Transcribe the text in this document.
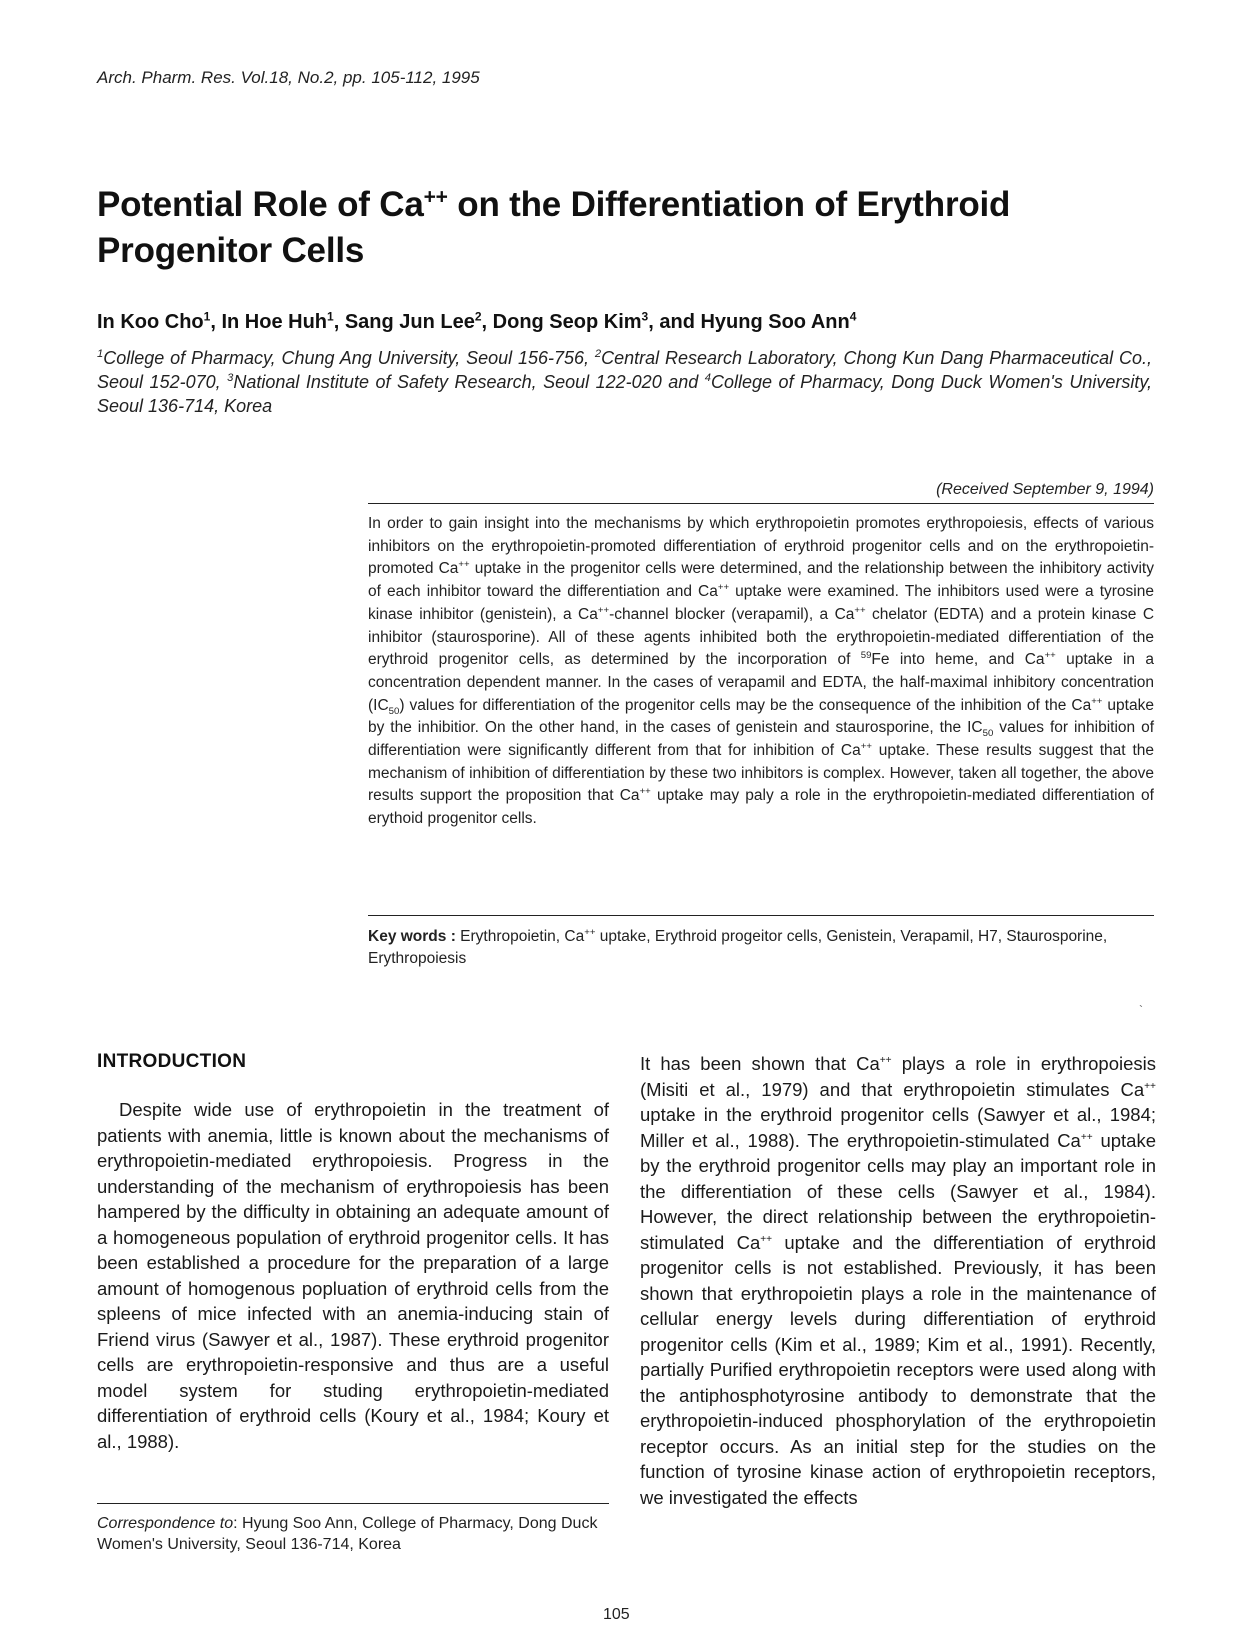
Arch. Pharm. Res. Vol.18, No.2, pp. 105-112, 1995
Potential Role of Ca++ on the Differentiation of Erythroid Progenitor Cells
In Koo Cho$^1$, In Hoe Huh$^1$, Sang Jun Lee$^2$, Dong Seop Kim$^3$, and Hyung Soo Ann$^4$
$^1$College of Pharmacy, Chung Ang University, Seoul 156-756, $^2$Central Research Laboratory, Chong Kun Dang Pharmaceutical Co., Seoul 152-070, $^3$National Institute of Safety Research, Seoul 122-020 and $^4$College of Pharmacy, Dong Duck Women's University, Seoul 136-714, Korea
(Received September 9, 1994)
In order to gain insight into the mechanisms by which erythropoietin promotes erythropoiesis, effects of various inhibitors on the erythropoietin-promoted differentiation of erythroid progenitor cells and on the erythropoietin-promoted Ca++ uptake in the progenitor cells were determined, and the relationship between the inhibitory activity of each inhibitor toward the differentiation and Ca++ uptake were examined. The inhibitors used were a tyrosine kinase inhibitor (genistein), a Ca++-channel blocker (verapamil), a Ca++ chelator (EDTA) and a protein kinase C inhibitor (staurosporine). All of these agents inhibited both the erythropoietin-mediated differentiation of the erythroid progenitor cells, as determined by the incorporation of $^{59}$Fe into heme, and Ca++ uptake in a concentration dependent manner. In the cases of verapamil and EDTA, the half-maximal inhibitory concentration $(IC_{50})$ values for differentiation of the progenitor cells may be the consequence of the inhibition of the Ca++ uptake by the inhibitior. On the other hand, in the cases of genistein and staurosporine, the $IC_{50}$ values for inhibition of differentiation were significantly different from that for inhibition of Ca++ uptake. These results suggest that the mechanism of inhibition of differentiation by these two inhibitors is complex. However, taken all together, the above results support the proposition that Ca++ uptake may paly a role in the erythropoietin-mediated differentiation of erythoid progenitor cells.
Key words : Erythropoietin, Ca++ uptake, Erythroid progeitor cells, Genistein, Verapamil, H7, Staurosporine, Erythropoiesis
`
INTRODUCTION
Despite wide use of erythropoietin in the treatment of patients with anemia, little is known about the mechanisms of erythropoietin-mediated erythropoiesis. Progress in the understanding of the mechanism of erythropoiesis has been hampered by the difficulty in obtaining an adequate amount of a homogeneous population of erythroid progenitor cells. It has been established a procedure for the preparation of a large amount of homogenous popluation of erythroid cells from the spleens of mice infected with an anemia-inducing stain of Friend virus (Sawyer et al., 1987). These erythroid progenitor cells are erythropoietin-responsive and thus are a useful model system for studing erythropoietin-mediated differentiation of erythroid cells (Koury et al., 1984; Koury et al., 1988).
It has been shown that Ca++ plays a role in erythropoiesis (Misiti et al., 1979) and that erythropoietin stimulates Ca++ uptake in the erythroid progenitor cells (Sawyer et al., 1984; Miller et al., 1988). The erythropoietin-stimulated Ca++ uptake by the erythroid progenitor cells may play an important role in the differentiation of these cells (Sawyer et al., 1984). However, the direct relationship between the erythropoietin-stimulated Ca++ uptake and the differentiation of erythroid progenitor cells is not established. Previously, it has been shown that erythropoietin plays a role in the maintenance of cellular energy levels during differentiation of erythroid progenitor cells (Kim et al., 1989; Kim et al., 1991). Recently, partially Purified erythropoietin receptors were used along with the antiphosphotyrosine antibody to demonstrate that the erythropoietin-induced phosphorylation of the erythropoietin receptor occurs. As an initial step for the studies on the function of tyrosine kinase action of erythropoietin receptors, we investigated the effects
Correspondence to: Hyung Soo Ann, College of Pharmacy, Dong Duck Women's University, Seoul 136-714, Korea
105
